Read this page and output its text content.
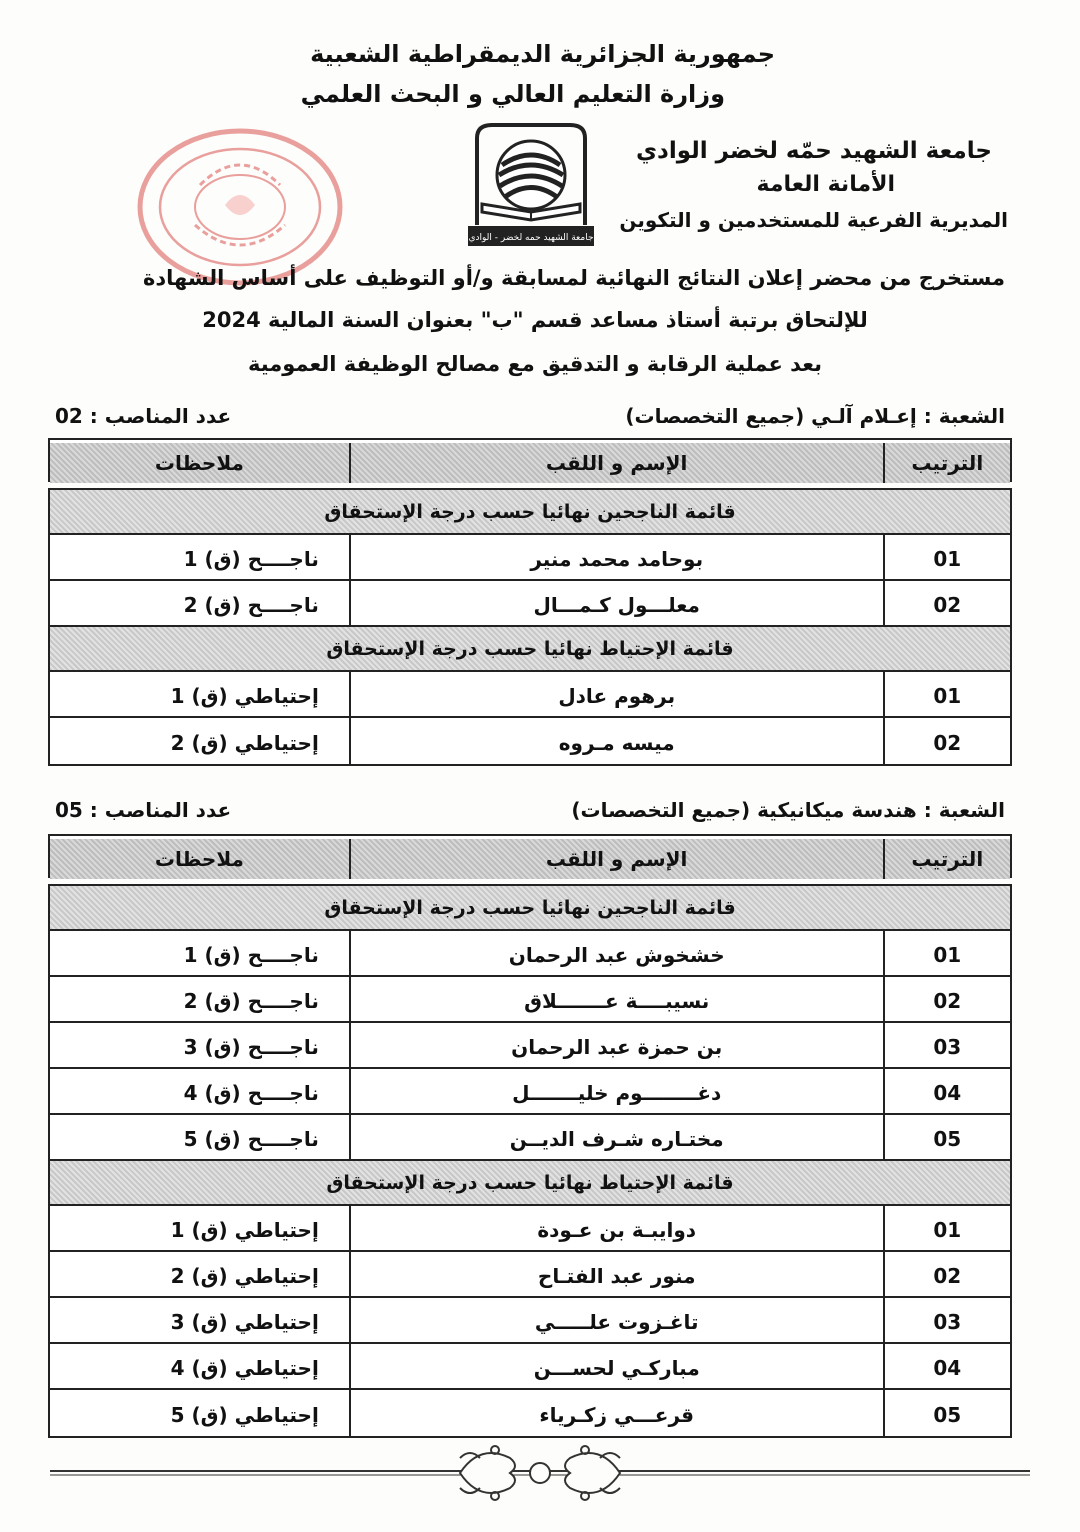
جمهورية الجزائرية الديمقراطية الشعبية
وزارة التعليم العالي و البحث العلمي
جامعة الشهيد حمّه لخضر الوادي
الأمانة العامة
المديرية الفرعية للمستخدمين و التكوين
جامعة الشهيد حمه لخضر - الوادي
مستخرج من محضر إعلان النتائج النهائية لمسابقة و/أو التوظيف على أساس الشهادة
للإلتحاق برتبة أستاذ مساعد قسم "ب" بعنوان السنة المالية 2024
بعد عملية الرقابة و التدقيق مع مصالح الوظيفة العمومية
الشعبة : إعـلام آلـي (جميع التخصصات)
عدد المناصب : 02
الترتيب
الإسم و اللقب
ملاحظات
قائمة الناجحين نهائيا حسب درجة الإستحقاق
01
بوحامد محمد منير
ناجــــح (ق) 1
02
معلـــول كـمـــال
ناجــــح (ق) 2
قائمة الإحتياط نهائيا حسب درجة الإستحقاق
01
برهوم عادل
إحتياطي (ق) 1
02
ميسه مـروه
إحتياطي (ق) 2
الشعبة : هندسة ميكانيكية (جميع التخصصات)
عدد المناصب : 05
الترتيب
الإسم و اللقب
ملاحظات
قائمة الناجحين نهائيا حسب درجة الإستحقاق
01
خشخوش عبد الرحمان
ناجــــح (ق) 1
02
نسيبــــة عـــــــلاق
ناجــــح (ق) 2
03
بن حمزة عبد الرحمان
ناجــــح (ق) 3
04
دغــــــــوم خليـــــــل
ناجــــح (ق) 4
05
مختـاره شـرف الديــن
ناجــــح (ق) 5
قائمة الإحتياط نهائيا حسب درجة الإستحقاق
01
دوايبـة بن عـودة
إحتياطي (ق) 1
02
منور عبد الفتـاح
إحتياطي (ق) 2
03
تاغـزوت علـــــي
إحتياطي (ق) 3
04
مباركـي لحســـن
إحتياطي (ق) 4
05
قرعـــي زكـرياء
إحتياطي (ق) 5
